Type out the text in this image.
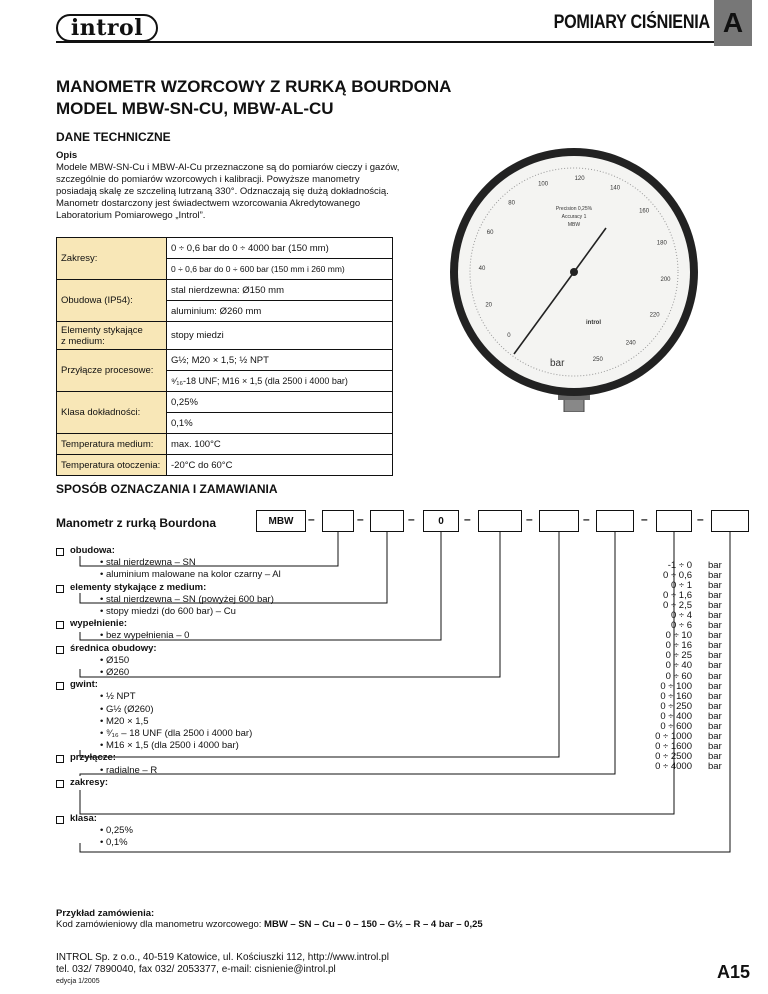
introl	POMIARY CIŚNIENIA A
MANOMETR WZORCOWY Z RURKĄ BOURDONA
MODEL MBW-SN-CU, MBW-AL-CU
DANE TECHNICZNE
Opis
Modele MBW-SN-Cu i MBW-Al-Cu przeznaczone są do pomiarów cieczy i gazów, szczególnie do pomiarów wzorcowych i kalibracji. Powyższe manometry posiadają skalę ze szczeliną lutrzaną 330°. Odznaczają się dużą dokładnością. Manometr dostarczony jest świadectwem wzorcowania Akredytowanego Laboratorium Pomiarowego „Introl”.
Zakresy:	0 ÷ 0,6 bar do 0 ÷ 4000 bar (150 mm)
	0 ÷ 0,6 bar do 0 ÷ 600 bar (150 mm i 260 mm)
Obudowa (IP54):	stal nierdzewna: Ø150 mm
	aluminium: Ø260 mm
Elementy stykające
z medium:	stopy miedzi
Przyłącze procesowe:	G½; M20 × 1,5; ½ NPT
	⁹⁄₁₆-18 UNF; M16 × 1,5 (dla 2500 i 4000 bar)
Klasa dokładności:	0,25%
	0,1%
Temperatura medium:	max. 100°C
Temperatura otoczenia:	-20°C do 60°C
0
20
40
60
80
100
120
140
160
180
200
220
240
250
Precision 0,25%
Accuracy 1
MBW
introl
bar
SPOSÓB OZNACZANIA I ZAMAWIANIA
Manometr z rurką Bourdona	MBW	–	–	–	0	–	–	–	–	–
obudowa:
• stal nierdzewna – SN
• aluminium malowane na kolor czarny – Al
elementy stykające z medium:
• stal nierdzewna – SN (powyżej 600 bar)
• stopy miedzi (do 600 bar) – Cu
wypełnienie:
• bez wypełnienia – 0
średnica obudowy:
• Ø150
• Ø260
gwint:
• ½ NPT
• G½ (Ø260)
• M20 × 1,5
• ⁹⁄₁₆ – 18 UNF (dla 2500 i 4000 bar)
• M16 × 1,5 (dla 2500 i 4000 bar)
przyłącze:
• radialne – R
zakresy:
klasa:
• 0,25%
• 0,1%
-1 ÷ 0	bar
0 ÷ 0,6	bar
0 ÷ 1	bar
0 ÷ 1,6	bar
0 ÷ 2,5	bar
0 ÷ 4	bar
0 ÷ 6	bar
0 ÷ 10	bar
0 ÷ 16	bar
0 ÷ 25	bar
0 ÷ 40	bar
0 ÷ 60	bar
0 ÷ 100	bar
0 ÷ 160	bar
0 ÷ 250	bar
0 ÷ 400	bar
0 ÷ 600	bar
0 ÷ 1000	bar
0 ÷ 1600	bar
0 ÷ 2500	bar
0 ÷ 4000	bar
Przykład zamówienia:
Kod zamówieniowy dla manometru wzorcowego: MBW – SN – Cu – 0 – 150 – G½ – R – 4 bar – 0,25
INTROL Sp. z o.o., 40-519 Katowice, ul. Kościuszki 112, http://www.introl.pl
tel. 032/ 7890040, fax 032/ 2053377, e-mail: cisnienie@introl.pl
edycja 1/2005	A15
